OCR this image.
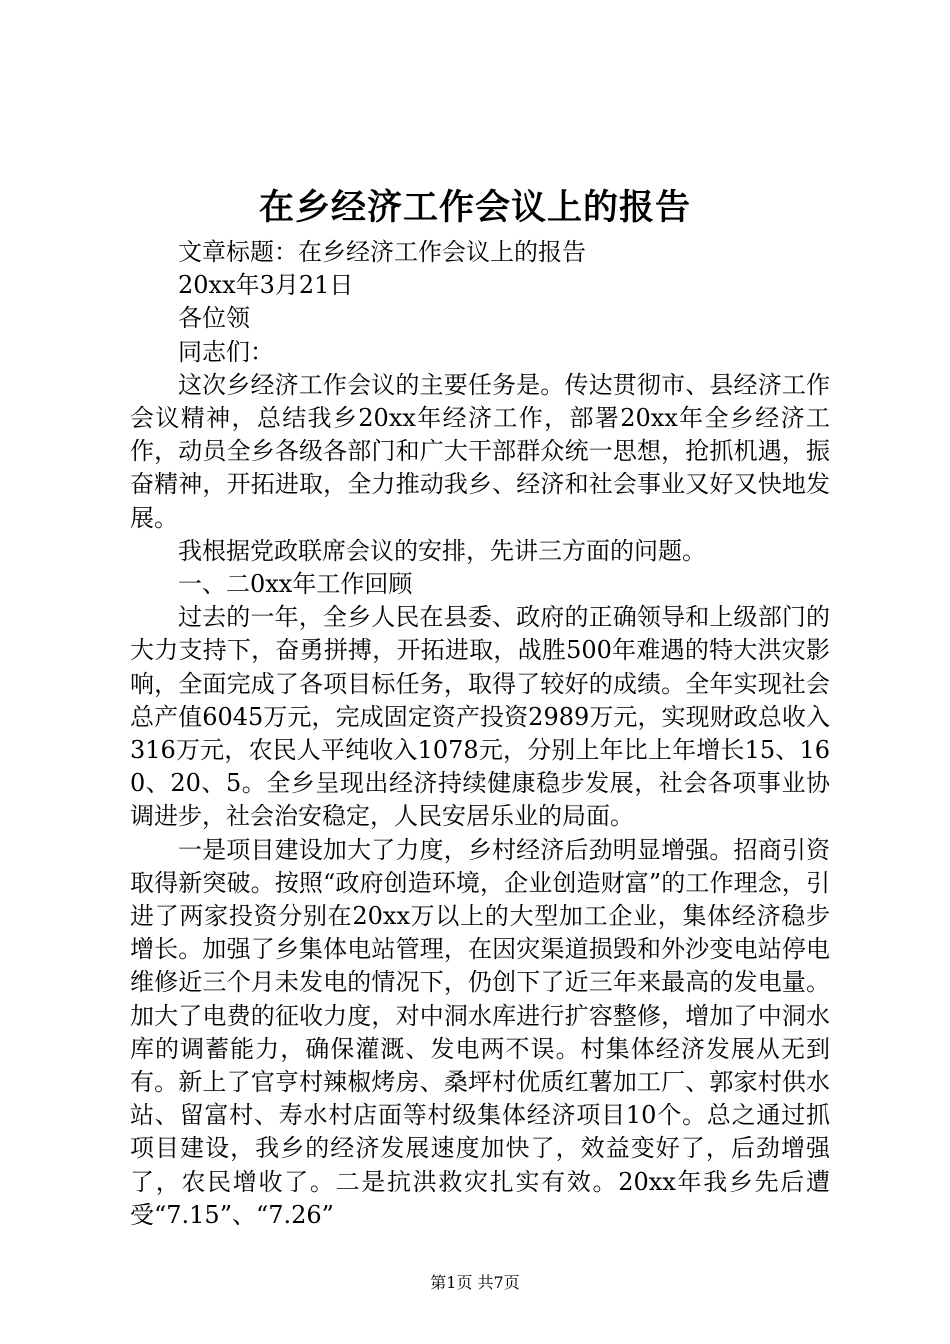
在乡经济工作会议上的报告

文章标题：在乡经济工作会议上的报告

20xx年3月21日

各位领

同志们：

这次乡经济工作会议的主要任务是。传达贯彻市、县经济工作会议精神，总结我乡20xx年经济工作，部署20xx年全乡经济工作，动员全乡各级各部门和广大干部群众统一思想，抢抓机遇，振奋精神，开拓进取，全力推动我乡、经济和社会事业又好又快地发展。

我根据党政联席会议的安排，先讲三方面的问题。

一、二0xx年工作回顾

过去的一年，全乡人民在县委、政府的正确领导和上级部门的大力支持下，奋勇拼搏，开拓进取，战胜500年难遇的特大洪灾影响，全面完成了各项目标任务，取得了较好的成绩。全年实现社会总产值6045万元，完成固定资产投资2989万元，实现财政总收入316万元，农民人平纯收入1078元，分别上年比上年增长15、160、20、5。全乡呈现出经济持续健康稳步发展，社会各项事业协调进步，社会治安稳定，人民安居乐业的局面。

一是项目建设加大了力度，乡村经济后劲明显增强。招商引资取得新突破。按照“政府创造环境，企业创造财富”的工作理念，引进了两家投资分别在20xx万以上的大型加工企业，集体经济稳步增长。加强了乡集体电站管理，在因灾渠道损毁和外沙变电站停电维修近三个月未发电的情况下，仍创下了近三年来最高的发电量。加大了电费的征收力度，对中洞水库进行扩容整修，增加了中洞水库的调蓄能力，确保灌溉、发电两不误。村集体经济发展从无到有。新上了官亨村辣椒烤房、桑坪村优质红薯加工厂、郭家村供水站、留富村、寿水村店面等村级集体经济项目10个。总之通过抓项目建设，我乡的经济发展速度加快了，效益变好了，后劲增强了，农民增收了。二是抗洪救灾扎实有效。20xx年我乡先后遭受“7.15”、“7.26”

第1页 共7页
